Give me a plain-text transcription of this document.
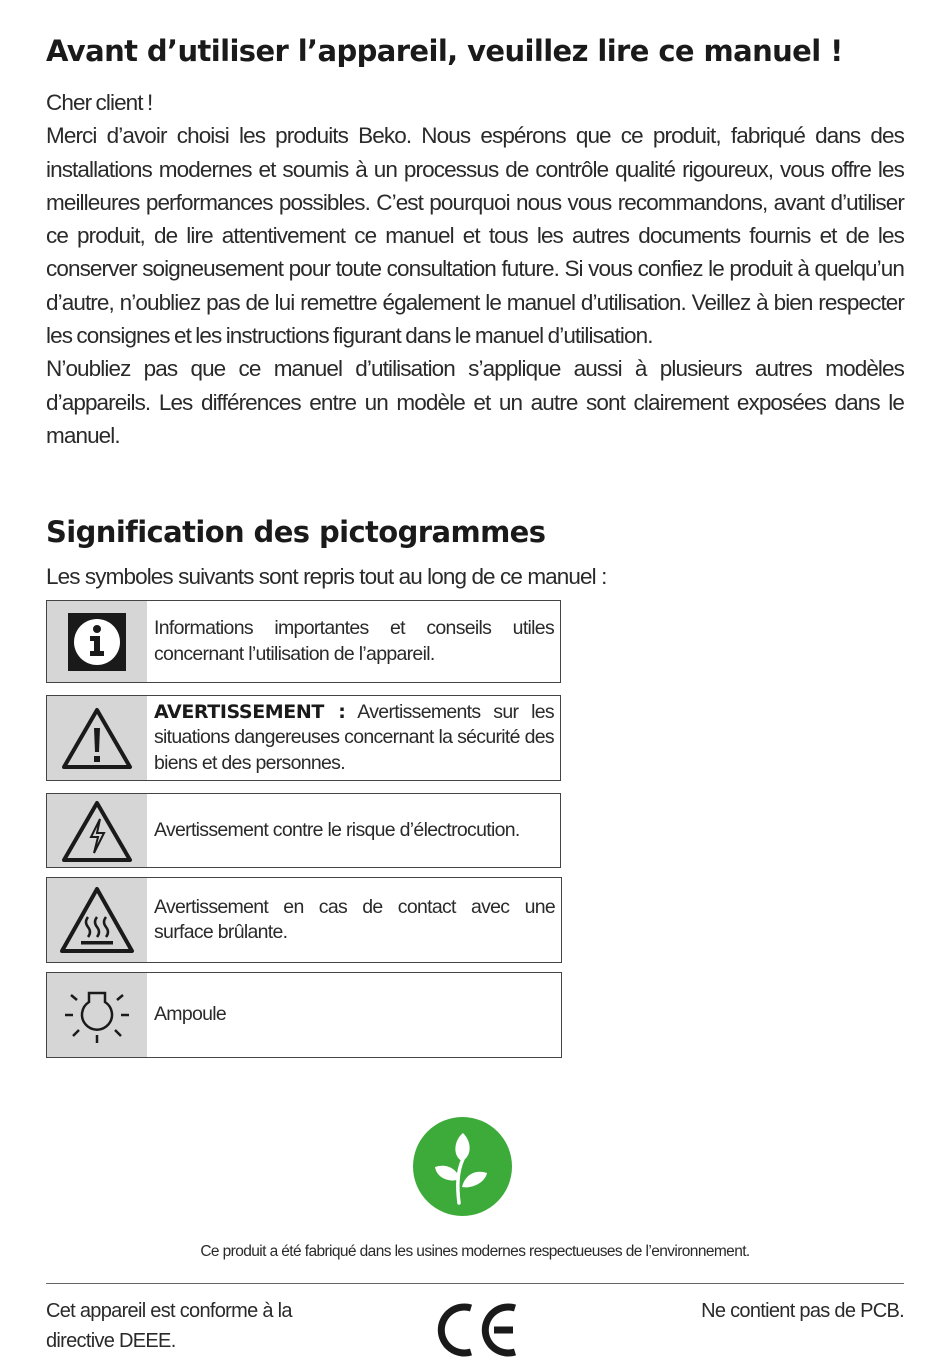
Avant d’utiliser l’appareil, veuillez lire ce manuel !

Cher client !

Merci d’avoir choisi les produits Beko. Nous espérons que ce produit, fabriqué dans des installations modernes et soumis à un processus de contrôle qualité rigoureux, vous offre les meilleures performances possibles. C’est pourquoi nous vous recommandons, avant d’utiliser ce produit, de lire attentivement ce manuel et tous les autres documents fournis et de les conserver soigneusement pour toute consultation future. Si vous confiez le produit à quelqu’un d’autre, n’oubliez pas de lui remettre également le manuel d’utilisation. Veillez à bien respecter les consignes et les instructions figurant dans le manuel d’utilisation.

N’oubliez pas que ce manuel d’utilisation s’applique aussi à plusieurs autres modèles d’appareils. Les différences entre un modèle et un autre sont clairement exposées dans le manuel.

Signification des pictogrammes

Les symboles suivants sont repris tout au long de ce manuel :

Informations importantes et conseils utiles concernant l’utilisation de l’appareil.
AVERTISSEMENT : Avertissements sur les situations dangereuses concernant la sécurité des biens et des personnes.
Avertissement contre le risque d’électrocution.
Avertissement en cas de contact avec une surface brûlante.
Ampoule

Ce produit a été fabriqué dans les usines modernes respectueuses de l’environnement.

Cet appareil est conforme à la directive DEEE.

Ne contient pas de PCB.
